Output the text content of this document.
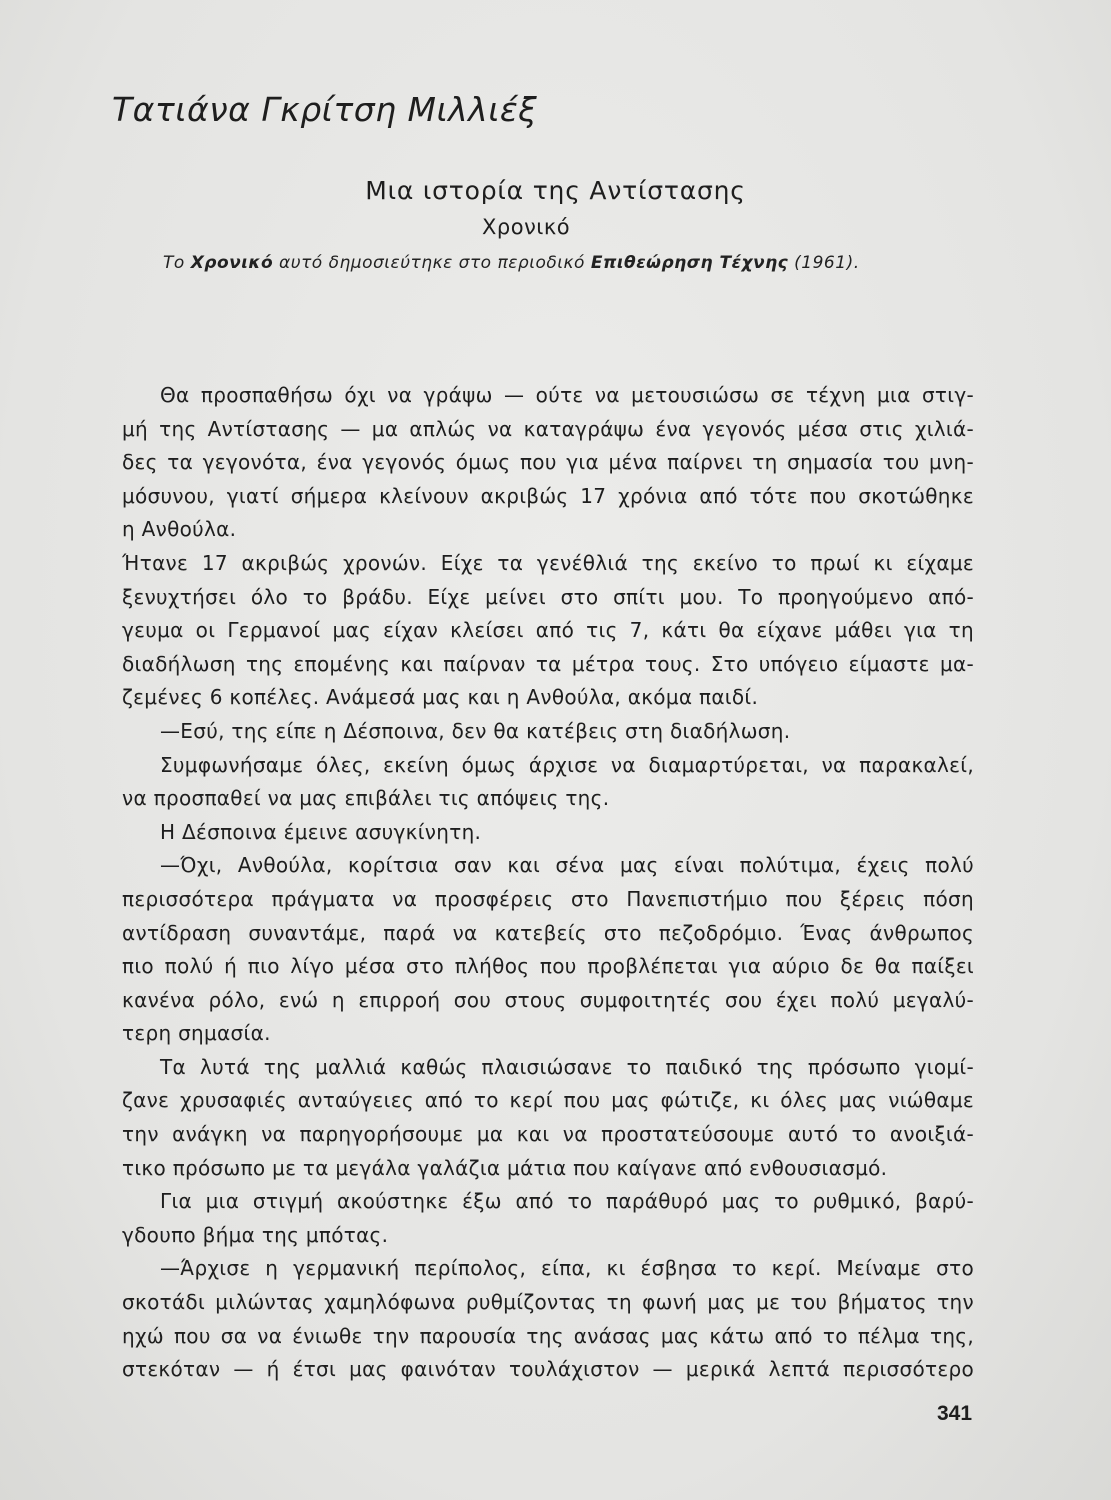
Τατιάνα Γκρίτση Μιλλιέξ
Μια ιστορία της Αντίστασης
Χρονικό
Το Χρονικό αυτό δημοσιεύτηκε στο περιοδικό Επιθεώρηση Τέχνης (1961).
Θα προσπαθήσω όχι να γράψω — ούτε να μετουσιώσω σε τέχνη μια στιγ-
μή της Αντίστασης — μα απλώς να καταγράψω ένα γεγονός μέσα στις χιλιά-
δες τα γεγονότα, ένα γεγονός όμως που για μένα παίρνει τη σημασία του μνη-
μόσυνου, γιατί σήμερα κλείνουν ακριβώς 17 χρόνια από τότε που σκοτώθηκε
η Ανθούλα.
Ήτανε 17 ακριβώς χρονών. Είχε τα γενέθλιά της εκείνο το πρωί κι είχαμε
ξενυχτήσει όλο το βράδυ. Είχε μείνει στο σπίτι μου. Το προηγούμενο από-
γευμα οι Γερμανοί μας είχαν κλείσει από τις 7, κάτι θα είχανε μάθει για τη
διαδήλωση της επομένης και παίρναν τα μέτρα τους. Στο υπόγειο είμαστε μα-
ζεμένες 6 κοπέλες. Ανάμεσά μας και η Ανθούλα, ακόμα παιδί.
—Εσύ, της είπε η Δέσποινα, δεν θα κατέβεις στη διαδήλωση.
Συμφωνήσαμε όλες, εκείνη όμως άρχισε να διαμαρτύρεται, να παρακαλεί,
να προσπαθεί να μας επιβάλει τις απόψεις της.
Η Δέσποινα έμεινε ασυγκίνητη.
—Όχι, Ανθούλα, κορίτσια σαν και σένα μας είναι πολύτιμα, έχεις πολύ
περισσότερα πράγματα να προσφέρεις στο Πανεπιστήμιο που ξέρεις πόση
αντίδραση συναντάμε, παρά να κατεβείς στο πεζοδρόμιο. Ένας άνθρωπος
πιο πολύ ή πιο λίγο μέσα στο πλήθος που προβλέπεται για αύριο δε θα παίξει
κανένα ρόλο, ενώ η επιρροή σου στους συμφοιτητές σου έχει πολύ μεγαλύ-
τερη σημασία.
Τα λυτά της μαλλιά καθώς πλαισιώσανε το παιδικό της πρόσωπο γιομί-
ζανε χρυσαφιές ανταύγειες από το κερί που μας φώτιζε, κι όλες μας νιώθαμε
την ανάγκη να παρηγορήσουμε μα και να προστατεύσουμε αυτό το ανοιξιά-
τικο πρόσωπο με τα μεγάλα γαλάζια μάτια που καίγανε από ενθουσιασμό.
Για μια στιγμή ακούστηκε έξω από το παράθυρό μας το ρυθμικό, βαρύ-
γδουπο βήμα της μπότας.
—Άρχισε η γερμανική περίπολος, είπα, κι έσβησα το κερί. Μείναμε στο
σκοτάδι μιλώντας χαμηλόφωνα ρυθμίζοντας τη φωνή μας με του βήματος την
ηχώ που σα να ένιωθε την παρουσία της ανάσας μας κάτω από το πέλμα της,
στεκόταν — ή έτσι μας φαινόταν τουλάχιστον — μερικά λεπτά περισσότερο
341
